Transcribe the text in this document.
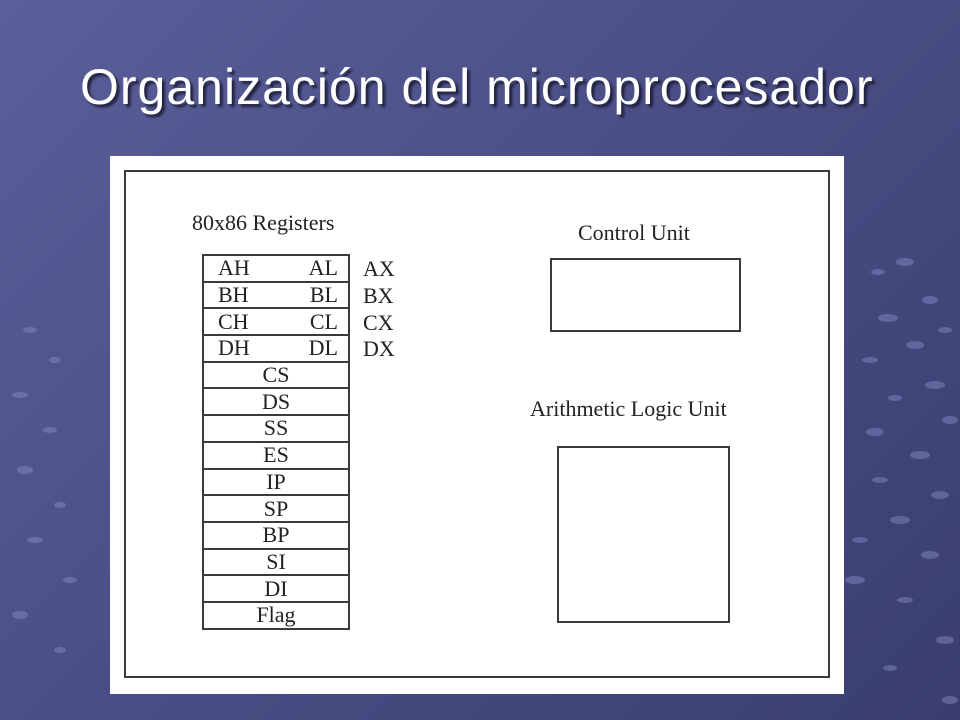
Organización del microprocesador
80x86 Registers
AH	AL
BH	BL
CH	CL
DH	DL
CS
DS
SS
ES
IP
SP
BP
SI
DI
Flag
AX
BX
CX
DX
Control Unit
Arithmetic Logic Unit
